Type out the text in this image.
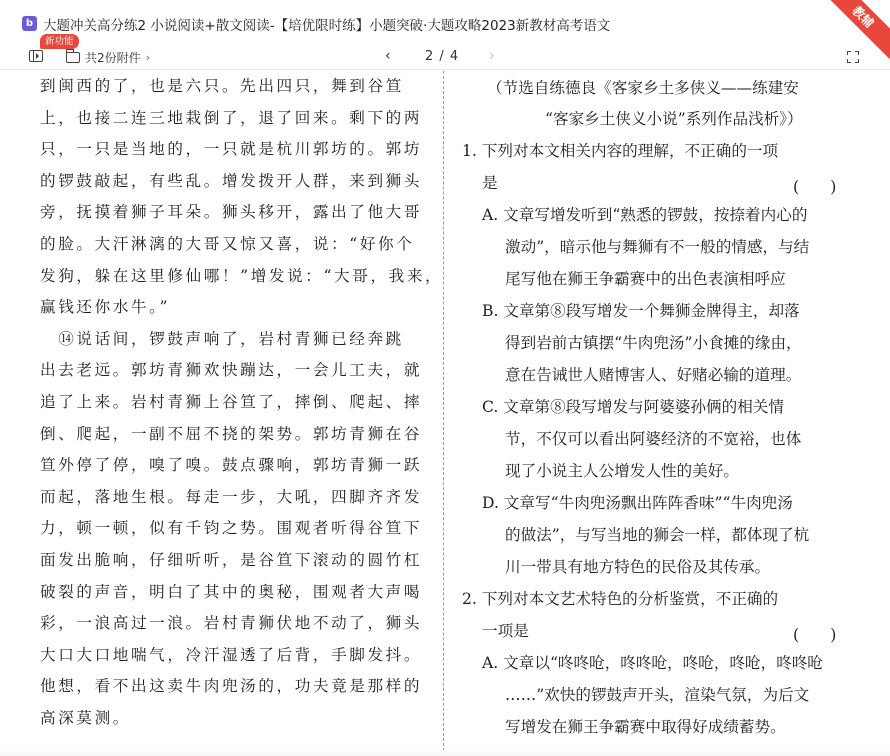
b 大题冲关高分练2 小说阅读+散文阅读-【培优限时练】小题突破·大题攻略2023新教材高考语文
新功能
教辅
共2份附件 ›	‹	2 / 4 ›
到闽西的了，也是六只。先出四只，舞到谷笪
上，也接二连三地栽倒了，退了回来。剩下的两
只，一只是当地的，一只就是杭川郭坊的。郭坊
的锣鼓敲起，有些乱。增发拨开人群，来到狮头
旁，抚摸着狮子耳朵。狮头移开，露出了他大哥
的脸。大汗淋漓的大哥又惊又喜，说：“好你个
发狗，躲在这里修仙哪！”增发说：“大哥，我来，
赢钱还你水牛。”
　⑭说话间，锣鼓声响了，岩村青狮已经奔跳
出去老远。郭坊青狮欢快蹦达，一会儿工夫，就
追了上来。岩村青狮上谷笪了，摔倒、爬起、摔
倒、爬起，一副不屈不挠的架势。郭坊青狮在谷
笪外停了停，嗅了嗅。鼓点骤响，郭坊青狮一跃
而起，落地生根。每走一步，大吼，四脚齐齐发
力，顿一顿，似有千钧之势。围观者听得谷笪下
面发出脆响，仔细听听，是谷笪下滚动的圆竹杠
破裂的声音，明白了其中的奥秘，围观者大声喝
彩，一浪高过一浪。岩村青狮伏地不动了，狮头
大口大口地喘气，冷汗湿透了后背，手脚发抖。
他想，看不出这卖牛肉兜汤的，功夫竟是那样的
高深莫测。
（节选自练德良《客家乡土多侠义——练建安
“客家乡土侠义小说”系列作品浅析》）
1. 下列对本文相关内容的理解，不正确的一项
是	(　　)
A. 文章写增发听到“熟悉的锣鼓，按捺着内心的
激动”，暗示他与舞狮有不一般的情感，与结
尾写他在狮王争霸赛中的出色表演相呼应
B. 文章第⑧段写增发一个舞狮金牌得主，却落
得到岩前古镇摆“牛肉兜汤”小食摊的缘由，
意在告诫世人赌博害人、好赌必输的道理。
C. 文章第⑧段写增发与阿婆婆孙俩的相关情
节，不仅可以看出阿婆经济的不宽裕，也体
现了小说主人公增发人性的美好。
D. 文章写“牛肉兜汤飘出阵阵香味”“牛肉兜汤
的做法”，与写当地的狮会一样，都体现了杭
川一带具有地方特色的民俗及其传承。
2. 下列对本文艺术特色的分析鉴赏，不正确的
一项是	(　　)
A. 文章以“咚咚呛，咚咚呛，咚呛，咚呛，咚咚呛
……”欢快的锣鼓声开头，渲染气氛，为后文
写增发在狮王争霸赛中取得好成绩蓄势。
